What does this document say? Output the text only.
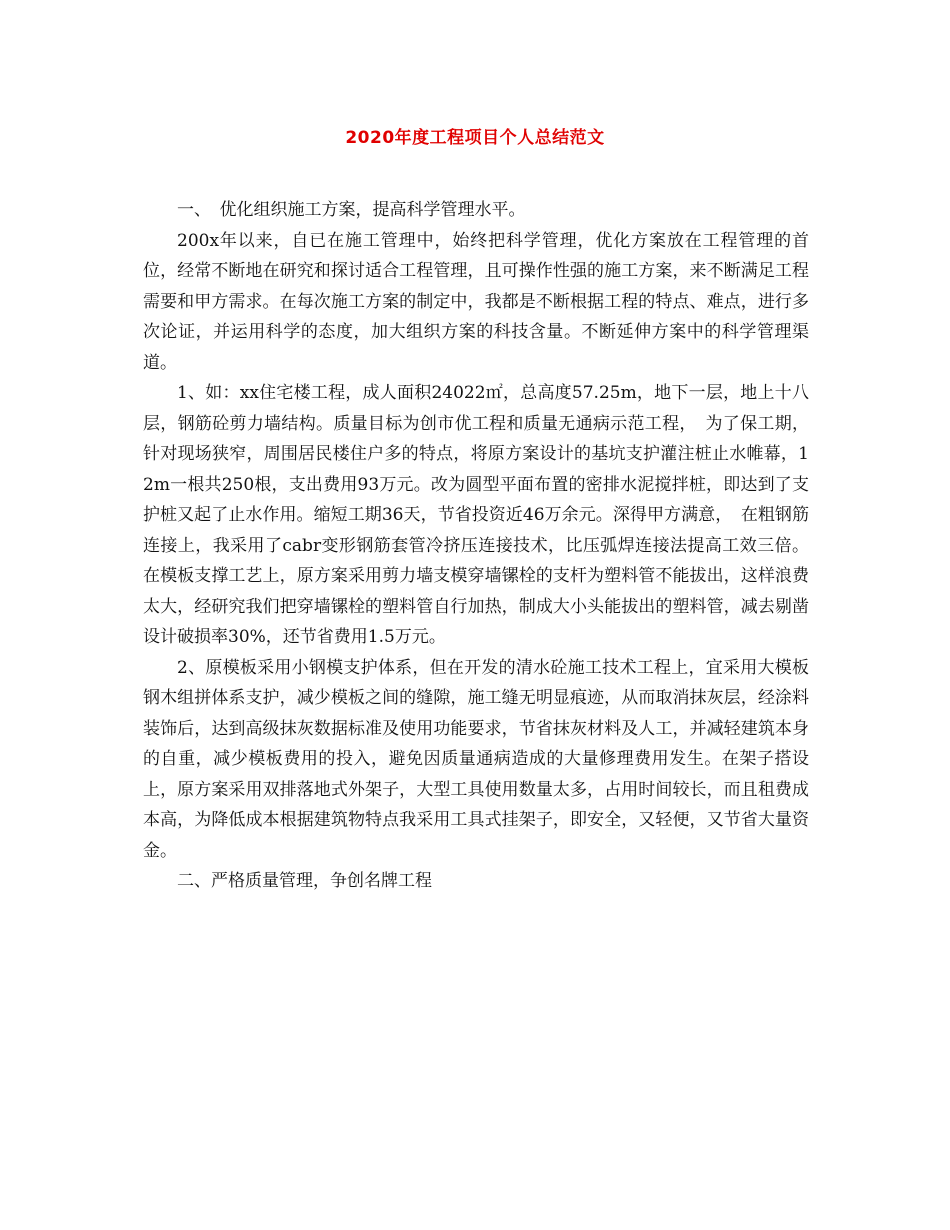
2020年度工程项目个人总结范文

一、　优化组织施工方案，提高科学管理水平。

200x年以来，自已在施工管理中，始终把科学管理，优化方案放在工程管理的首位，经常不断地在研究和探讨适合工程管理，且可操作性强的施工方案，来不断满足工程需要和甲方需求。在每次施工方案的制定中，我都是不断根据工程的特点、难点，进行多次论证，并运用科学的态度，加大组织方案的科技含量。不断延伸方案中的科学管理渠道。

1、如：xx住宅楼工程，成人面积24022㎡，总高度57.25m，地下一层，地上十八层，钢筋砼剪力墙结构。质量目标为创市优工程和质量无通病示范工程，　为了保工期，针对现场狭窄，周围居民楼住户多的特点，将原方案设计的基坑支护灌注桩止水帷幕，12m一根共250根，支出费用93万元。改为圆型平面布置的密排水泥搅拌桩，即达到了支护桩又起了止水作用。缩短工期36天，节省投资近46万余元。深得甲方满意，　在粗钢筋连接上，我采用了cabr变形钢筋套管冷挤压连接技术，比压弧焊连接法提高工效三倍。在模板支撑工艺上，原方案采用剪力墙支模穿墙镙栓的支杆为塑料管不能拔出，这样浪费太大，经研究我们把穿墙镙栓的塑料管自行加热，制成大小头能拔出的塑料管，减去剔凿设计破损率30%，还节省费用1.5万元。

2、原模板采用小钢模支护体系，但在开发的清水砼施工技术工程上，宜采用大模板钢木组拼体系支护，减少模板之间的缝隙，施工缝无明显痕迹，从而取消抹灰层，经涂料装饰后，达到高级抹灰数据标准及使用功能要求，节省抹灰材料及人工，并减轻建筑本身的自重，减少模板费用的投入，避免因质量通病造成的大量修理费用发生。在架子搭设上，原方案采用双排落地式外架子，大型工具使用数量太多，占用时间较长，而且租费成本高，为降低成本根据建筑物特点我采用工具式挂架子，即安全，又轻便，又节省大量资金。

二、严格质量管理，争创名牌工程
